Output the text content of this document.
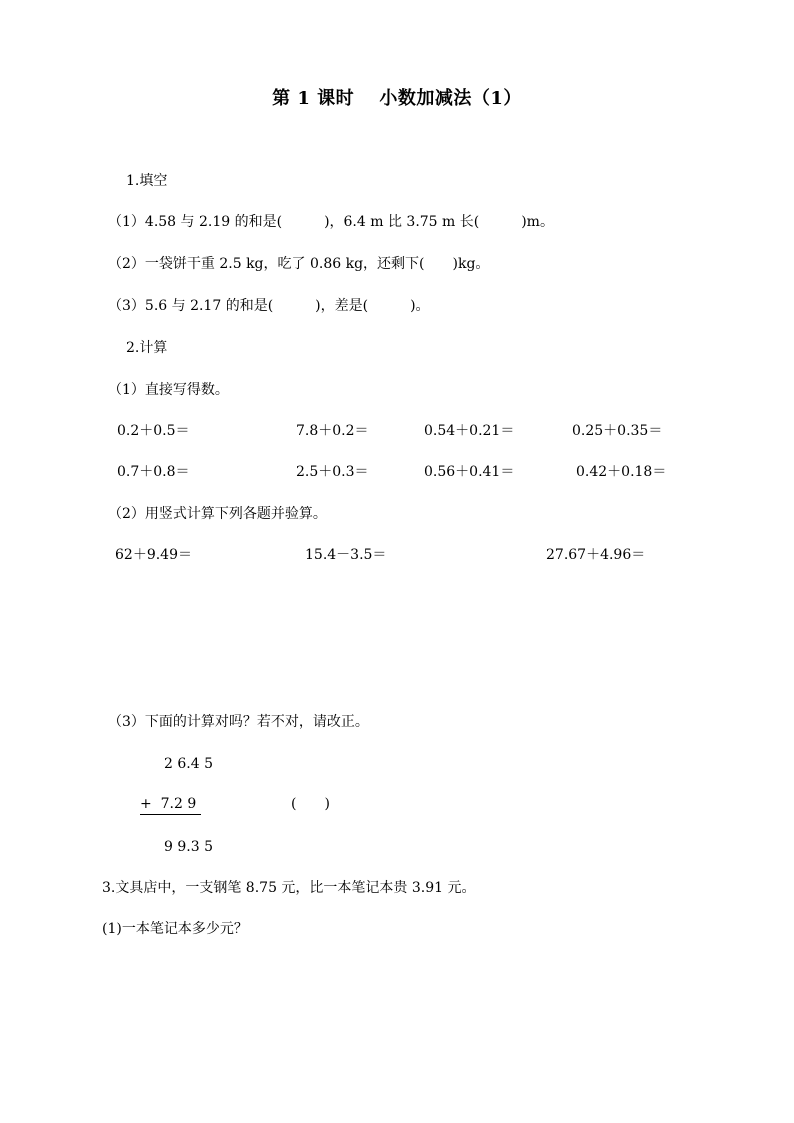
第 1 课时　 小数加减法（1）
1.填空
（1）4.58 与 2.19 的和是(　　　)，6.4 m 比 3.75 m 长(　　　)m。
（2）一袋饼干重 2.5 kg，吃了 0.86 kg，还剩下(　　)kg。
（3）5.6 与 2.17 的和是(　　　)，差是(　　　)。
2.计算
（1）直接写得数。
0.2＋0.5＝	7.8＋0.2＝	0.54＋0.21＝	0.25＋0.35＝
0.7＋0.8＝	2.5＋0.3＝	0.56＋0.41＝	0.42＋0.18＝
（2）用竖式计算下列各题并验算。
62＋9.49＝	15.4－3.5＝	27.67＋4.96＝
（3）下面的计算对吗？若不对，请改正。
2 6.4 5
+  7.2 9	(　　)
9 9.3 5
3.文具店中，一支钢笔 8.75 元，比一本笔记本贵 3.91 元。
(1)一本笔记本多少元？
